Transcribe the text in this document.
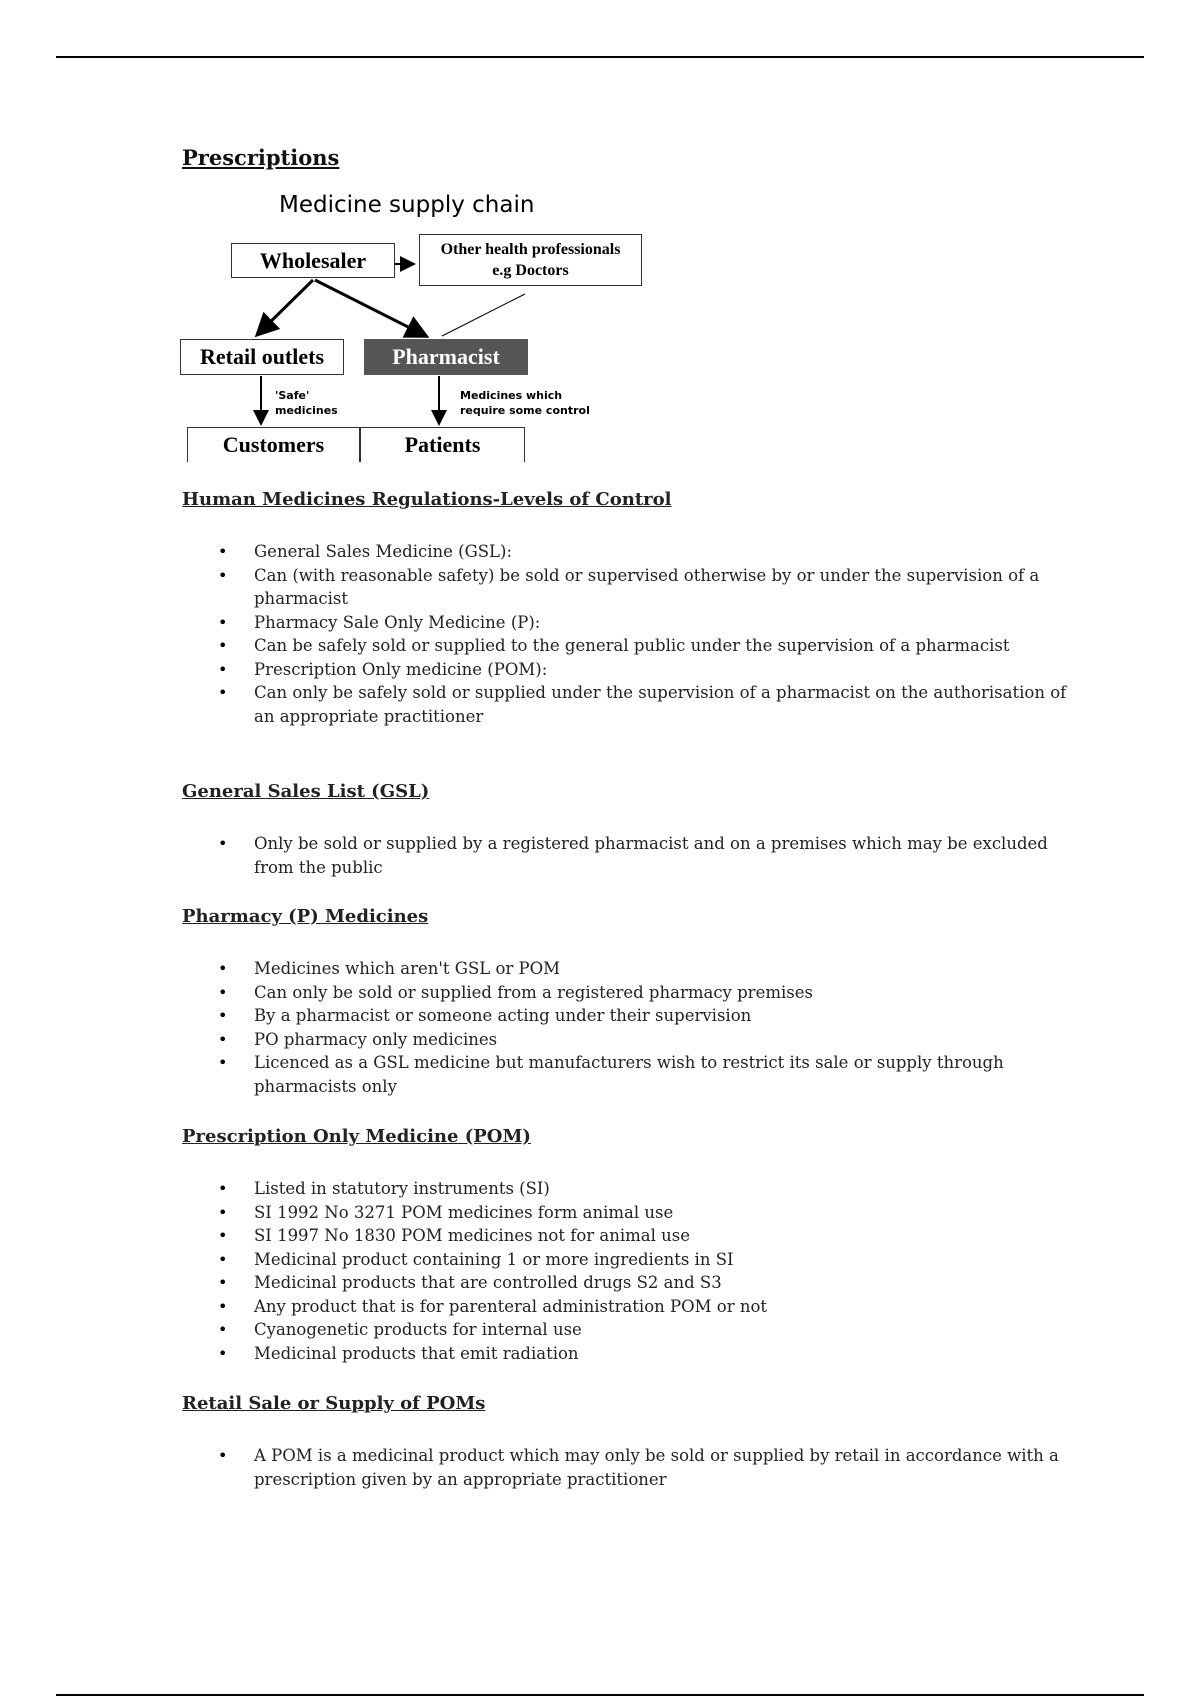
Prescriptions
Medicine supply chain
Wholesaler	Other health professionals
e.g Doctors
Retail outlets	Pharmacist
'Safe'
medicines
Medicines which
require some control
Customers	Patients
Human Medicines Regulations-Levels of Control
• General Sales Medicine (GSL):
• Can (with reasonable safety) be sold or supervised otherwise by or under the supervision of a pharmacist
• Pharmacy Sale Only Medicine (P):
• Can be safely sold or supplied to the general public under the supervision of a pharmacist
• Prescription Only medicine (POM):
• Can only be safely sold or supplied under the supervision of a pharmacist on the authorisation of an appropriate practitioner
General Sales List (GSL)
• Only be sold or supplied by a registered pharmacist and on a premises which may be excluded from the public
Pharmacy (P) Medicines
• Medicines which aren't GSL or POM
• Can only be sold or supplied from a registered pharmacy premises
• By a pharmacist or someone acting under their supervision
• PO pharmacy only medicines
• Licenced as a GSL medicine but manufacturers wish to restrict its sale or supply through pharmacists only
Prescription Only Medicine (POM)
• Listed in statutory instruments (SI)
• SI 1992 No 3271 POM medicines form animal use
• SI 1997 No 1830 POM medicines not for animal use
• Medicinal product containing 1 or more ingredients in SI
• Medicinal products that are controlled drugs S2 and S3
• Any product that is for parenteral administration POM or not
• Cyanogenetic products for internal use
• Medicinal products that emit radiation
Retail Sale or Supply of POMs
• A POM is a medicinal product which may only be sold or supplied by retail in accordance with a prescription given by an appropriate practitioner
